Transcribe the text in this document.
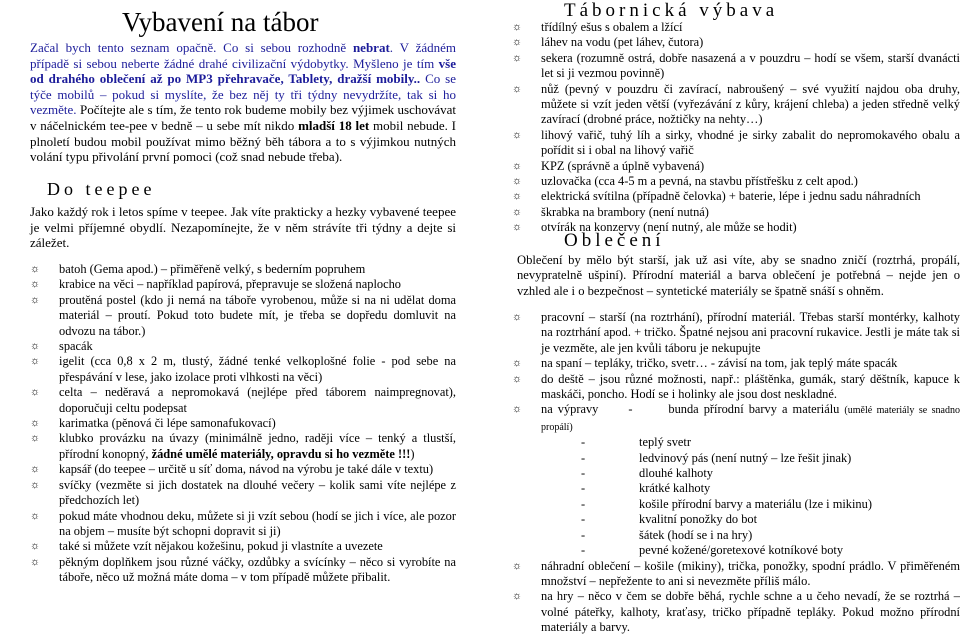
Vybavení na tábor
Začal bych tento seznam opačně. Co si sebou rozhodně nebrat. V žádném případě si sebou neberte žádné drahé civilizační výdobytky. Myšleno je tím vše od drahého oblečení až po MP3 přehravače, Tablety, dražší mobily.. Co se týče mobilů – pokud si myslíte, že bez něj ty tři týdny nevydržíte, tak si ho vezměte. Počítejte ale s tím, že tento rok budeme mobily bez výjimek uschovávat v náčelnickém tee-pee v bedně – u sebe mít nikdo mladší 18 let mobil nebude. I plnoletí budou mobil používat mimo běžný běh tábora a to s výjimkou nutných volání typu přivolání první pomoci (což snad nebude třeba).
Do teepee
Jako každý rok i letos spíme v teepee. Jak víte prakticky a hezky vybavené teepee je velmi příjemné obydlí. Nezapomínejte, že v něm strávíte tři týdny a dejte si záležet.
☼ batoh (Gema apod.) – přiměřeně velký, s bederním popruhem
☼ krabice na věci – například papírová, přepravuje se složená naplocho
☼ proutěná postel (kdo ji nemá na táboře vyrobenou, může si na ni udělat doma materiál – proutí. Pokud toto budete mít, je třeba se dopředu domluvit na odvozu na tábor.)
☼ spacák
☼ igelit (cca 0,8 x 2 m, tlustý, žádné tenké velkoplošné folie - pod sebe na přespávání v lese, jako izolace proti vlhkosti na věci)
☼ celta – neděravá a nepromokavá (nejlépe před táborem naimpregnovat), doporučuji celtu podepsat
☼ karimatka (pěnová či lépe samonafukovací)
☼ klubko provázku na úvazy (minimálně jedno, raději více – tenký a tlustší, přírodní konopný, žádné umělé materiály, opravdu si ho vezměte !!!)
☼ kapsář (do teepee – určitě u síť doma, návod na výrobu je také dále v textu)
☼ svíčky (vezměte si jich dostatek na dlouhé večery – kolik sami víte nejlépe z předchozích let)
☼ pokud máte vhodnou deku, můžete si ji vzít sebou (hodí se jich i více, ale pozor na objem – musíte být schopni dopravit si ji)
☼ také si můžete vzít nějakou kožešinu, pokud ji vlastníte a uvezete
☼ pěkným doplňkem jsou různé váčky, ozdůbky a svícínky – něco si vyrobíte na táboře, něco už možná máte doma – v tom případě můžete přibalit.
Tábornická výbava
☼ třídílný ešus s obalem a lžící
☼ láhev na vodu (pet láhev, čutora)
☼ sekera (rozumně ostrá, dobře nasazená a v pouzdru – hodí se všem, starší dvanácti let si ji vezmou povinně)
☼ nůž (pevný v pouzdru či zavírací, nabroušený – své využití najdou oba druhy, můžete si vzít jeden větší (vyřezávání z kůry, krájení chleba) a jeden středně velký zavírací (drobné práce, nožtičky na nehty…)
☼ lihový vařič, tuhý líh a sirky, vhodné je sirky zabalit do nepromokavého obalu a pořídit si i obal na lihový vařič
☼ KPZ (správně a úplně vybavená)
☼ uzlovačka (cca 4-5 m a pevná, na stavbu přístřešku z celt apod.)
☼ elektrická svítilna (případně čelovka) + baterie, lépe i jednu sadu náhradních
☼ škrabka na brambory (není nutná)
☼ otvírák na konzervy (není nutný, ale může se hodit)
Oblečení
Oblečení by mělo být starší, jak už asi víte, aby se snadno zničí (roztrhá, propálí, nevypratelně ušpiní). Přírodní materiál a barva oblečení je potřebná – nejde jen o vzhled ale i o bezpečnost – syntetické materiály se špatně snáší s ohněm.
☼ pracovní – starší (na roztrhání), přírodní materiál. Třebas starší montérky, kalhoty na roztrhání apod. + tričko. Špatné nejsou ani pracovní rukavice. Jestli je máte tak si je vezměte, ale jen kvůli táboru je nekupujte
☼ na spaní – tepláky, tričko, svetr… - závisí na tom, jak teplý máte spacák
☼ do deště – jsou různé možnosti, např.: pláštěnka, gumák, starý děštník, kapuce k maskáči, poncho. Hodí se i holinky ale jsou dost neskladné.
☼ na výpravy -	bunda přírodní barvy a materiálu (umělé materiály se snadno propálí)
-	teplý svetr
-	ledvinový pás (není nutný – lze řešit jinak)
-	dlouhé kalhoty
-	krátké kalhoty
-	košile přírodní barvy a materiálu (lze i mikinu)
-	kvalitní ponožky do bot
-	šátek (hodí se i na hry)
-	pevné kožené/goretexové kotníkové boty
☼ náhradní oblečení – košile (mikiny), trička, ponožky, spodní prádlo. V přiměřeném množství – nepřežente to ani si nevezměte příliš málo.
☼ na hry – něco v čem se dobře běhá, rychle schne a u čeho nevadí, že se roztrhá – volné páteřky, kalhoty, kraťasy, tričko případně tepláky. Pokud možno přírodní materiály a barvy.
